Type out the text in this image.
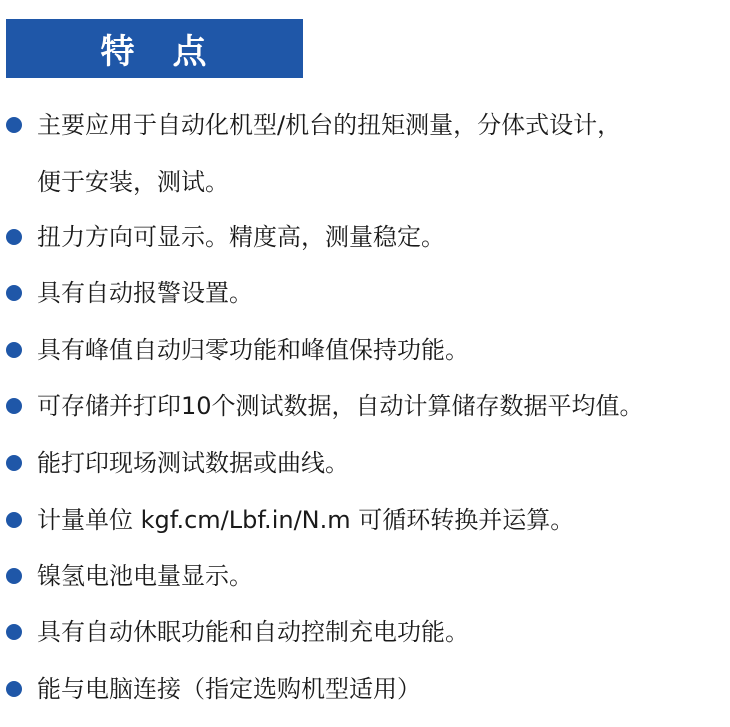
特　点
主要应用于自动化机型/机台的扭矩测量，分体式设计，
便于安装，测试。
扭力方向可显示。精度高，测量稳定。
具有自动报警设置。
具有峰值自动归零功能和峰值保持功能。
可存储并打印10个测试数据，自动计算储存数据平均值。
能打印现场测试数据或曲线。
计量单位 kgf.cm/Lbf.in/N.m 可循环转换并运算。
镍氢电池电量显示。
具有自动休眠功能和自动控制充电功能。
能与电脑连接（指定选购机型适用）
